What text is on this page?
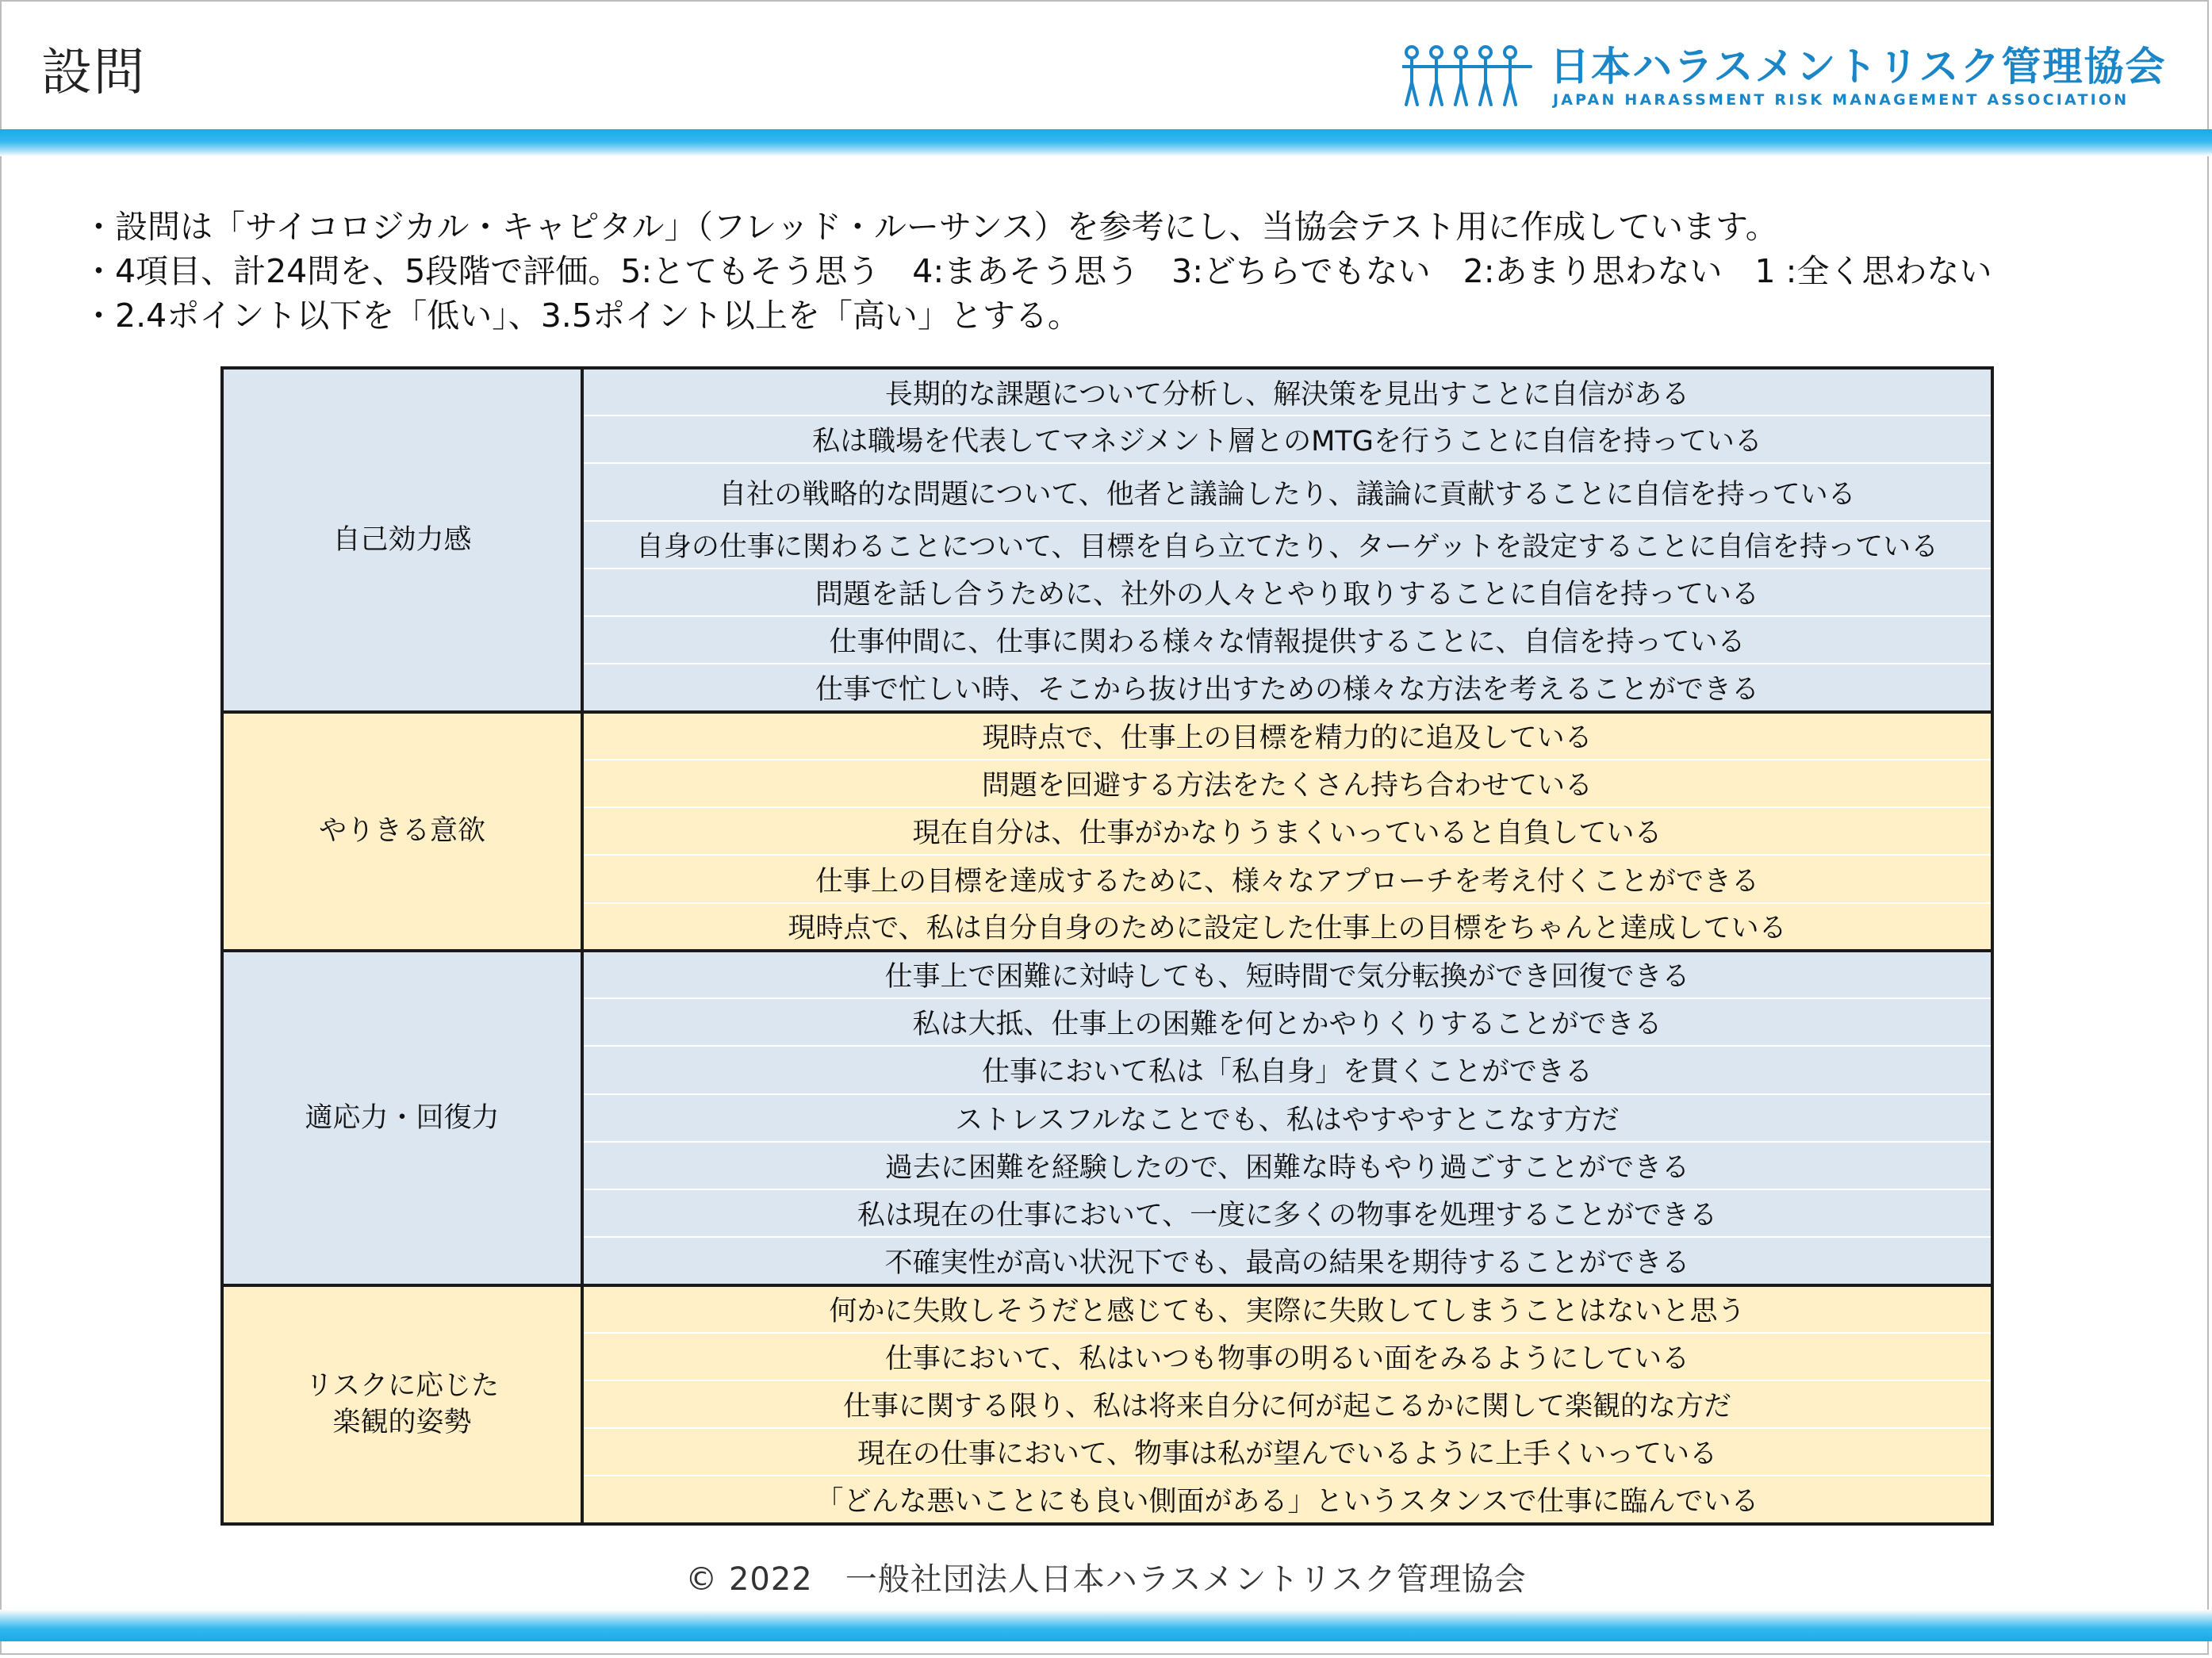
設問	日本ハラスメントリスク管理協会
JAPAN HARASSMENT RISK MANAGEMENT ASSOCIATION
・設問は「サイコロジカル・キャピタル」（フレッド・ルーサンス）を参考にし、当協会テスト用に作成しています。
・4項目、計24問を、5段階で評価。5:とてもそう思う　4:まあそう思う　3:どちらでもない　2:あまり思わない　1 :全く思わない
・2.4ポイント以下を「低い」、3.5ポイント以上を「高い」とする。
自己効力感	長期的な課題について分析し、解決策を見出すことに自信がある
	私は職場を代表してマネジメント層とのMTGを行うことに自信を持っている
	自社の戦略的な問題について、他者と議論したり、議論に貢献することに自信を持っている
	自身の仕事に関わることについて、目標を自ら立てたり、ターゲットを設定することに自信を持っている
	問題を話し合うために、社外の人々とやり取りすることに自信を持っている
	仕事仲間に、仕事に関わる様々な情報提供することに、自信を持っている
	仕事で忙しい時、そこから抜け出すための様々な方法を考えることができる
やりきる意欲	現時点で、仕事上の目標を精力的に追及している
	問題を回避する方法をたくさん持ち合わせている
	現在自分は、仕事がかなりうまくいっていると自負している
	仕事上の目標を達成するために、様々なアプローチを考え付くことができる
	現時点で、私は自分自身のために設定した仕事上の目標をちゃんと達成している
適応力・回復力	仕事上で困難に対峙しても、短時間で気分転換ができ回復できる
	私は大抵、仕事上の困難を何とかやりくりすることができる
	仕事において私は「私自身」を貫くことができる
	ストレスフルなことでも、私はやすやすとこなす方だ
	過去に困難を経験したので、困難な時もやり過ごすことができる
	私は現在の仕事において、一度に多くの物事を処理することができる
	不確実性が高い状況下でも、最高の結果を期待することができる

リスクに応じた
楽観的姿勢	何かに失敗しそうだと感じても、実際に失敗してしまうことはないと思う
	仕事において、私はいつも物事の明るい面をみるようにしている
	仕事に関する限り、私は将来自分に何が起こるかに関して楽観的な方だ
	現在の仕事において、物事は私が望んでいるように上手くいっている
	「どんな悪いことにも良い側面がある」というスタンスで仕事に臨んでいる
© 2022　一般社団法人日本ハラスメントリスク管理協会
